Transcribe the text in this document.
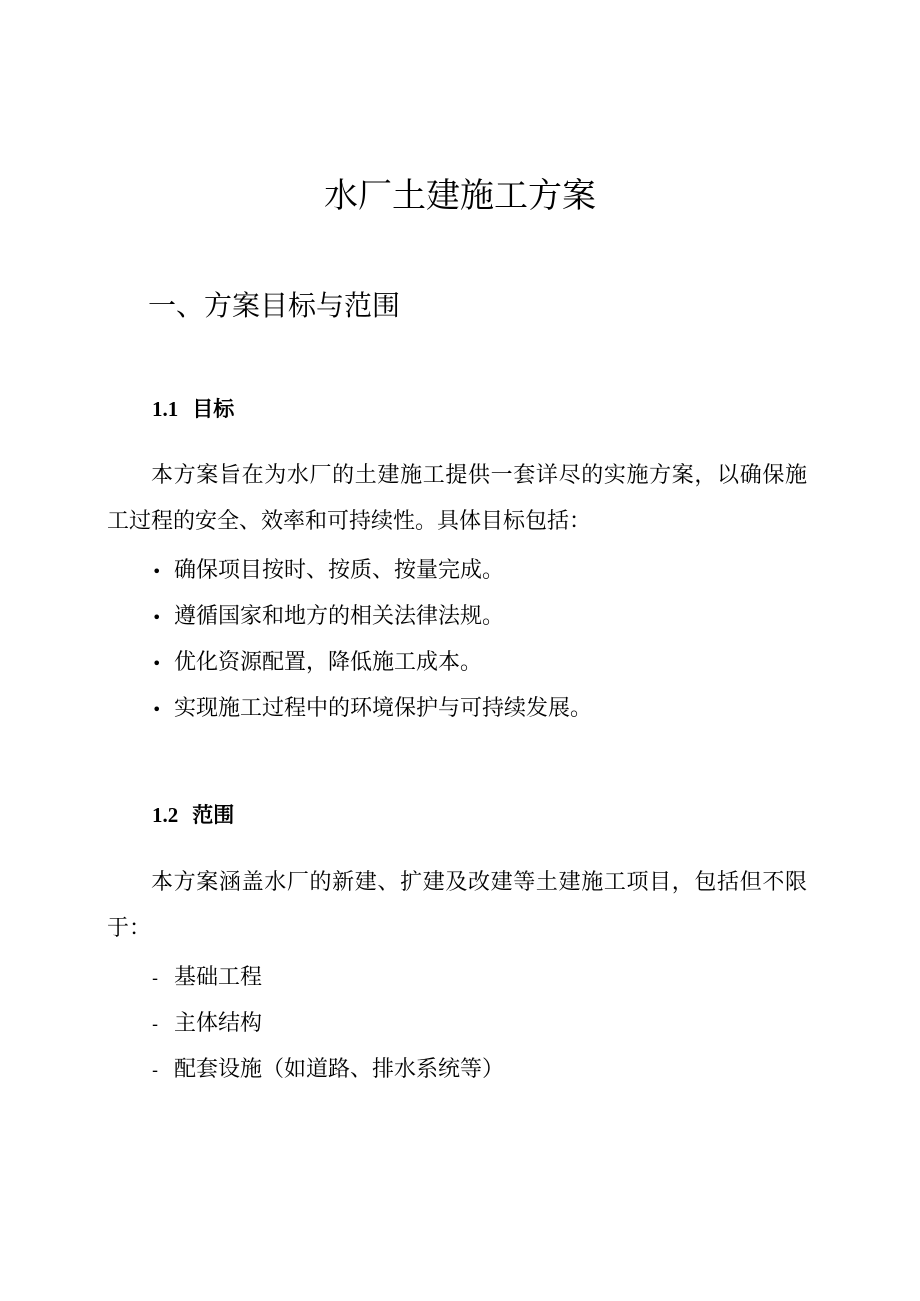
水厂土建施工方案
一、方案目标与范围
1.1 目标

本方案旨在为水厂的土建施工提供一套详尽的实施方案，以确保施工过程的安全、效率和可持续性。具体目标包括：

• 确保项目按时、按质、按量完成。
• 遵循国家和地方的相关法律法规。
• 优化资源配置，降低施工成本。
• 实现施工过程中的环境保护与可持续发展。
1.2 范围

本方案涵盖水厂的新建、扩建及改建等土建施工项目，包括但不限于：

- 基础工程
- 主体结构
- 配套设施（如道路、排水系统等）
